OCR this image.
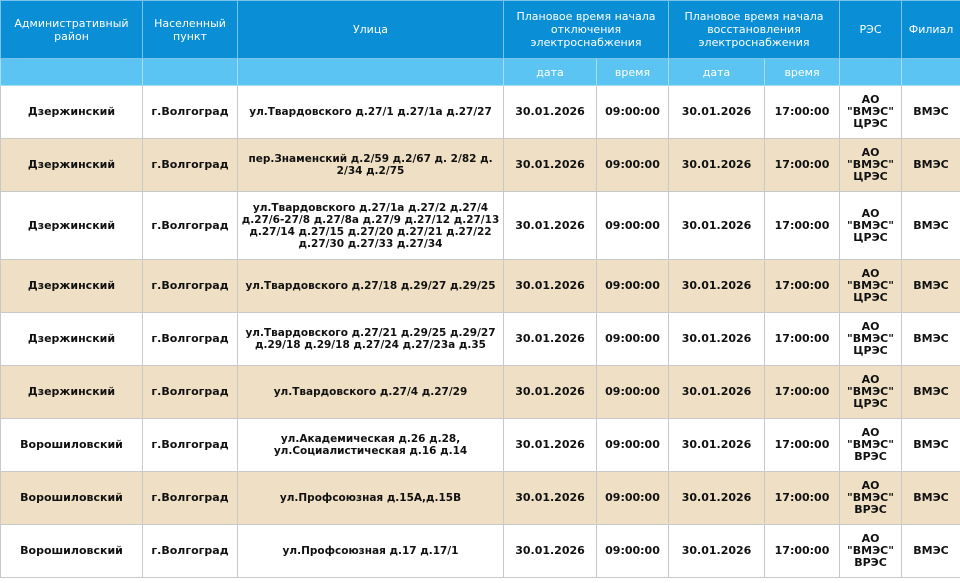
Административный район	Населенный пункт	Улица	Плановое время начала отключения электроснабжения		Плановое время начала восстановления электроснабжения		РЭС	Филиал
			дата	время	дата	время		
Дзержинский	г.Волгоград	ул.Твардовского д.27/1 д.27/1а д.27/27	30.01.2026	09:00:00	30.01.2026	17:00:00	АО "ВМЭС" ЦРЭС	ВМЭС
Дзержинский	г.Волгоград	пер.Знаменский д.2/59 д.2/67 д. 2/82 д. 2/34 д.2/75	30.01.2026	09:00:00	30.01.2026	17:00:00	АО "ВМЭС" ЦРЭС	ВМЭС
Дзержинский	г.Волгоград	ул.Твардовского д.27/1а д.27/2 д.27/4 д.27/6-27/8 д.27/8а д.27/9 д.27/12 д.27/13 д.27/14 д.27/15 д.27/20 д.27/21 д.27/22 д.27/30 д.27/33 д.27/34	30.01.2026	09:00:00	30.01.2026	17:00:00	АО "ВМЭС" ЦРЭС	ВМЭС
Дзержинский	г.Волгоград	ул.Твардовского д.27/18 д.29/27 д.29/25	30.01.2026	09:00:00	30.01.2026	17:00:00	АО "ВМЭС" ЦРЭС	ВМЭС
Дзержинский	г.Волгоград	ул.Твардовского д.27/21 д.29/25 д.29/27 д.29/18 д.29/18 д.27/24 д.27/23а д.35	30.01.2026	09:00:00	30.01.2026	17:00:00	АО "ВМЭС" ЦРЭС	ВМЭС
Дзержинский	г.Волгоград	ул.Твардовского д.27/4 д.27/29	30.01.2026	09:00:00	30.01.2026	17:00:00	АО "ВМЭС" ЦРЭС	ВМЭС
Ворошиловский	г.Волгоград	ул.Академическая д.26 д.28, ул.Социалистическая д.16 д.14	30.01.2026	09:00:00	30.01.2026	17:00:00	АО "ВМЭС" ВРЭС	ВМЭС
Ворошиловский	г.Волгоград	ул.Профсоюзная д.15А,д.15В	30.01.2026	09:00:00	30.01.2026	17:00:00	АО "ВМЭС" ВРЭС	ВМЭС
Ворошиловский	г.Волгоград	ул.Профсоюзная д.17 д.17/1	30.01.2026	09:00:00	30.01.2026	17:00:00	АО "ВМЭС" ВРЭС	ВМЭС
